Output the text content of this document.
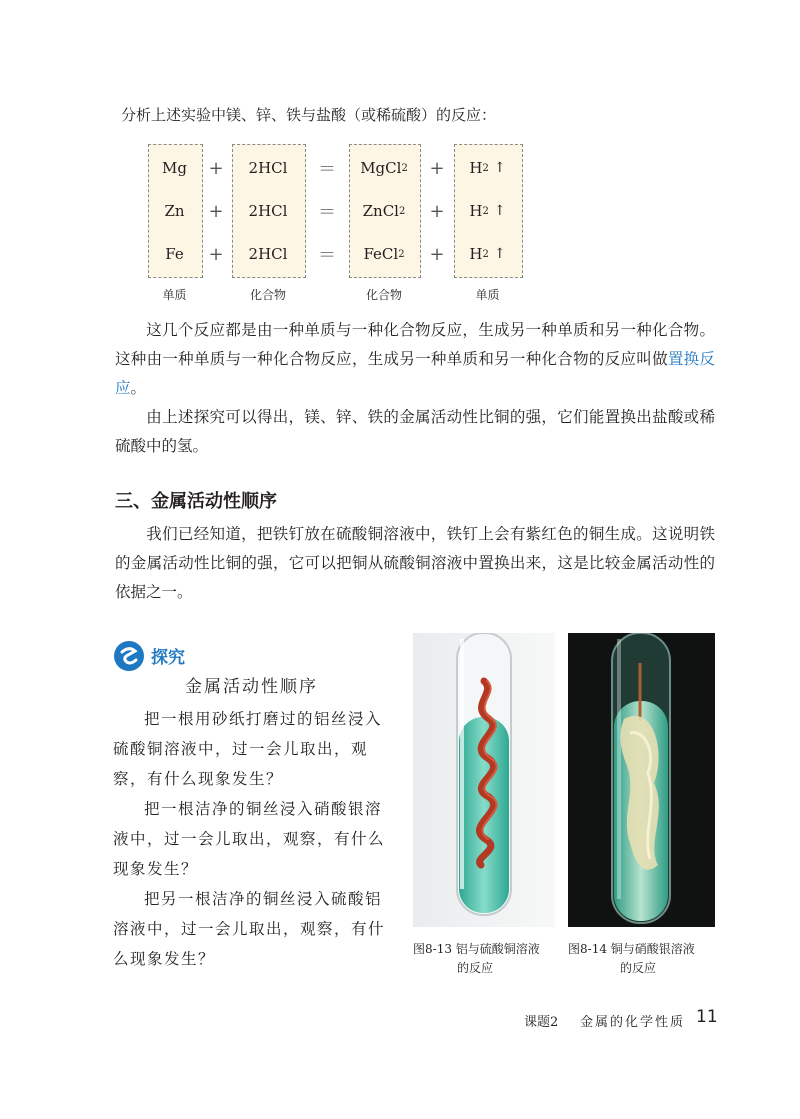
分析上述实验中镁、锌、铁与盐酸（或稀硫酸）的反应：

Mg	+	2HCl	＝	MgCl 2	+	H 2 ↑
Zn	+	2HCl	＝	ZnCl 2	+	H 2 ↑
Fe	+	2HCl	＝	FeCl 2	+	H 2 ↑
单质	化合物	化合物	单质

这几个反应都是由一种单质与一种化合物反应，生成另一种单质和另一种化合物。这种由一种单质与一种化合物反应，生成另一种单质和另一种化合物的反应叫做置换反应。

由上述探究可以得出，镁、锌、铁的金属活动性比铜的强，它们能置换出盐酸或稀硫酸中的氢。

三、金属活动性顺序

我们已经知道，把铁钉放在硫酸铜溶液中，铁钉上会有紫红色的铜生成。这说明铁的金属活动性比铜的强，它可以把铜从硫酸铜溶液中置换出来，这是比较金属活动性的依据之一。

探究
金属活动性顺序

把一根用砂纸打磨过的铝丝浸入硫酸铜溶液中，过一会儿取出，观察，有什么现象发生？

把一根洁净的铜丝浸入硝酸银溶液中，过一会儿取出，观察，有什么现象发生？

把另一根洁净的铜丝浸入硫酸铝溶液中，过一会儿取出，观察，有什么现象发生？

图8-13 铝与硫酸铜溶液
的反应
图8-14 铜与硝酸银溶液
的反应
课题2 金属的化学性质 11
